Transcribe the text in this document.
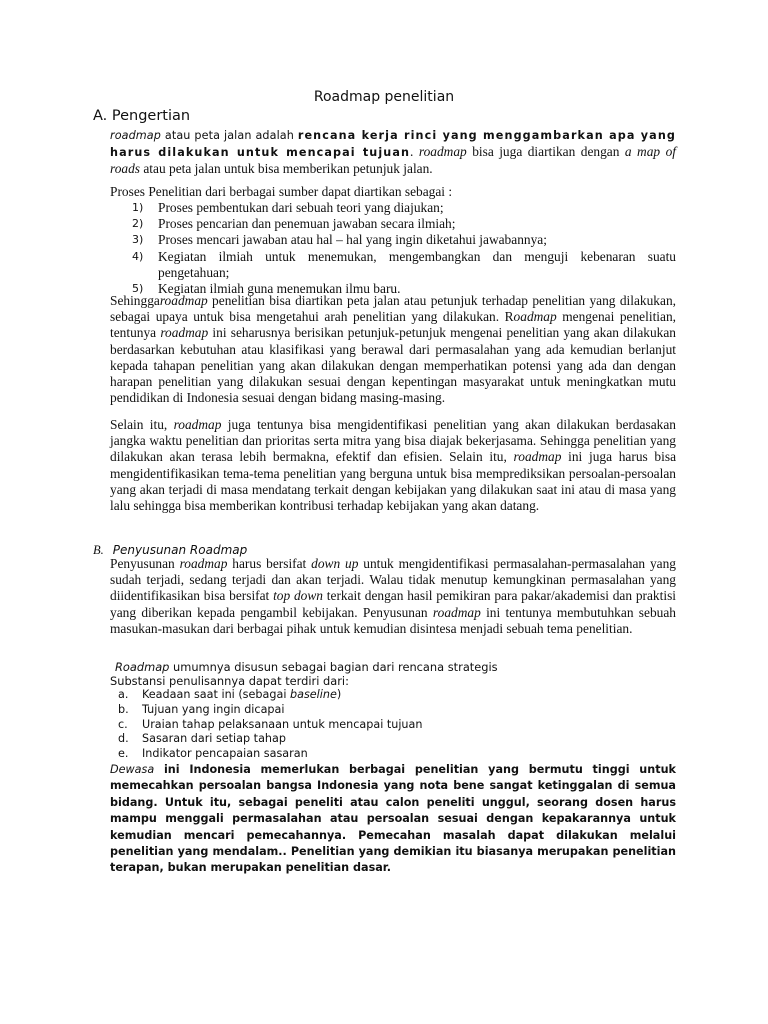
Roadmap penelitian
A. Pengertian
roadmap atau peta jalan adalah rencana kerja rinci yang menggambarkan apa yang harus dilakukan untuk mencapai tujuan. roadmap bisa juga diartikan dengan a map of roads atau peta jalan untuk bisa memberikan petunjuk jalan.
Proses Penelitian dari berbagai sumber dapat diartikan sebagai :
1) Proses pembentukan dari sebuah teori yang diajukan;
2) Proses pencarian dan penemuan jawaban secara ilmiah;
3) Proses mencari jawaban atau hal – hal yang ingin diketahui jawabannya;
4) Kegiatan ilmiah untuk menemukan, mengembangkan dan menguji kebenaran suatu pengetahuan;
5) Kegiatan ilmiah guna menemukan ilmu baru.
Sehinggaroadmap penelitian bisa diartikan peta jalan atau petunjuk terhadap penelitian yang dilakukan, sebagai upaya untuk bisa mengetahui arah penelitian yang dilakukan. Roadmap mengenai penelitian, tentunya roadmap ini seharusnya berisikan petunjuk-petunjuk mengenai penelitian yang akan dilakukan berdasarkan kebutuhan atau klasifikasi yang berawal dari permasalahan yang ada kemudian berlanjut kepada tahapan penelitian yang akan dilakukan dengan memperhatikan potensi yang ada dan dengan harapan penelitian yang dilakukan sesuai dengan kepentingan masyarakat untuk meningkatkan mutu pendidikan di Indonesia sesuai dengan bidang masing-masing.
Selain itu, roadmap juga tentunya bisa mengidentifikasi penelitian yang akan dilakukan berdasakan jangka waktu penelitian dan prioritas serta mitra yang bisa diajak bekerjasama. Sehingga penelitian yang dilakukan akan terasa lebih bermakna, efektif dan efisien. Selain itu, roadmap ini juga harus bisa mengidentifikasikan tema-tema penelitian yang berguna untuk bisa memprediksikan persoalan-persoalan yang akan terjadi di masa mendatang terkait dengan kebijakan yang dilakukan saat ini atau di masa yang lalu sehingga bisa memberikan kontribusi terhadap kebijakan yang akan datang.
B. Penyusunan Roadmap
Penyusunan roadmap harus bersifat down up untuk mengidentifikasi permasalahan-permasalahan yang sudah terjadi, sedang terjadi dan akan terjadi. Walau tidak menutup kemungkinan permasalahan yang diidentifikasikan bisa bersifat top down terkait dengan hasil pemikiran para pakar/akademisi dan praktisi yang diberikan kepada pengambil kebijakan. Penyusunan roadmap ini tentunya membutuhkan sebuah masukan-masukan dari berbagai pihak untuk kemudian disintesa menjadi sebuah tema penelitian.
Roadmap umumnya disusun sebagai bagian dari rencana strategis
Substansi penulisannya dapat terdiri dari:
a. Keadaan saat ini (sebagai baseline)
b. Tujuan yang ingin dicapai
c. Uraian tahap pelaksanaan untuk mencapai tujuan
d. Sasaran dari setiap tahap
e. Indikator pencapaian sasaran
Dewasa ini Indonesia memerlukan berbagai penelitian yang bermutu tinggi untuk memecahkan persoalan bangsa Indonesia yang nota bene sangat ketinggalan di semua bidang. Untuk itu, sebagai peneliti atau calon peneliti unggul, seorang dosen harus mampu menggali permasalahan atau persoalan sesuai dengan kepakarannya untuk kemudian mencari pemecahannya. Pemecahan masalah dapat dilakukan melalui penelitian yang mendalam.. Penelitian yang demikian itu biasanya merupakan penelitian terapan, bukan merupakan penelitian dasar.
